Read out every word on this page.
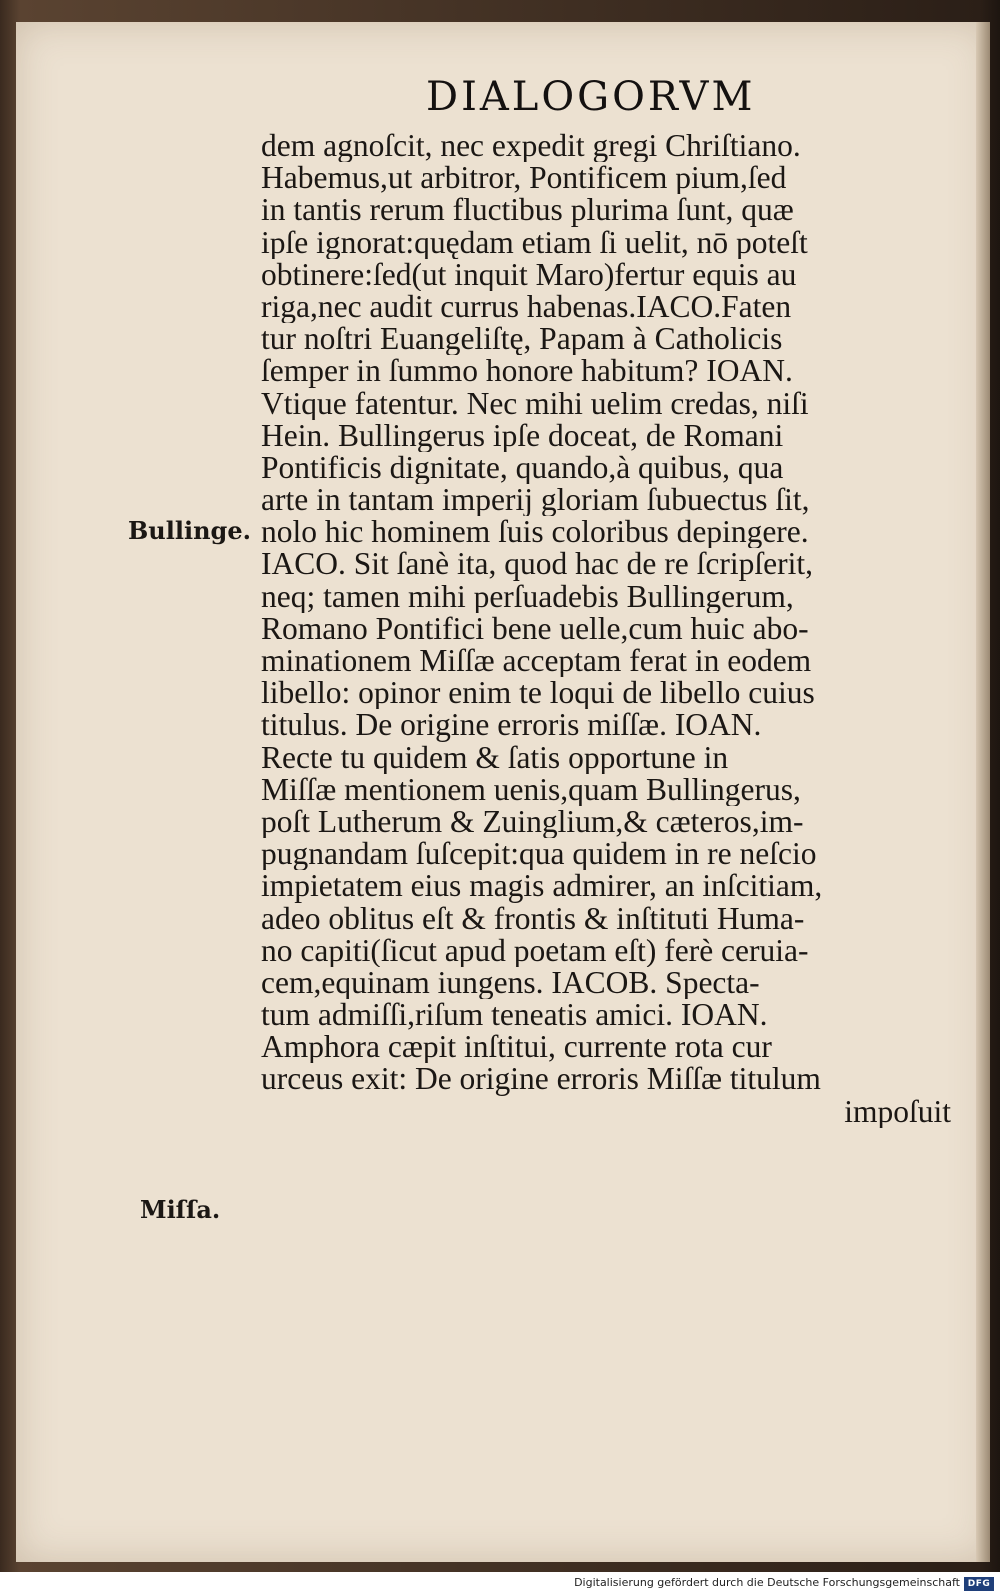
DIALOGORVM
Bullinge.
Miſſa.
dem agnoſcit, nec expedit gregi Chriſtiano.
Habemus,ut arbitror, Pontificem pium,ſed
in tantis rerum fluctibus plurima ſunt, quæ
ipſe ignorat:quędam etiam ſi uelit, nō poteſt
obtinere:ſed(ut inquit Maro)fertur equis au
riga,nec audit currus habenas.IACO.Faten
tur noſtri Euangeliſtę, Papam à Catholicis
ſemper in ſummo honore habitum? IOAN.
Vtique fatentur. Nec mihi uelim credas, niſi
Hein. Bullingerus ipſe doceat, de Romani
Pontificis dignitate, quando,à quibus, qua
arte in tantam imperij gloriam ſubuectus ſit,
nolo hic hominem ſuis coloribus depingere.
IACO. Sit ſanè ita, quod hac de re ſcripſerit,
neq; tamen mihi perſuadebis Bullingerum,
Romano Pontifici bene uelle,cum huic abo-
minationem Miſſæ acceptam ferat in eodem
libello: opinor enim te loqui de libello cuius
titulus. De origine erroris miſſæ. IOAN.
Recte tu quidem & ſatis opportune in
Miſſæ mentionem uenis,quam Bullingerus,
poſt Lutherum & Zuinglium,& cæteros,im-
pugnandam ſuſcepit:qua quidem in re neſcio
impietatem eius magis admirer, an inſcitiam,
adeo oblitus eſt & frontis & inſtituti Huma-
no capiti(ſicut apud poetam eſt) ferè ceruia-
cem,equinam iungens. IACOB. Specta-
tum admiſſi,riſum teneatis amici. IOAN.
Amphora cæpit inſtitui, currente rota cur
urceus exit: De origine erroris Miſſæ titulum
impoſuit
Digitalisierung gefördert durch die Deutsche Forschungsgemeinschaft DFG
